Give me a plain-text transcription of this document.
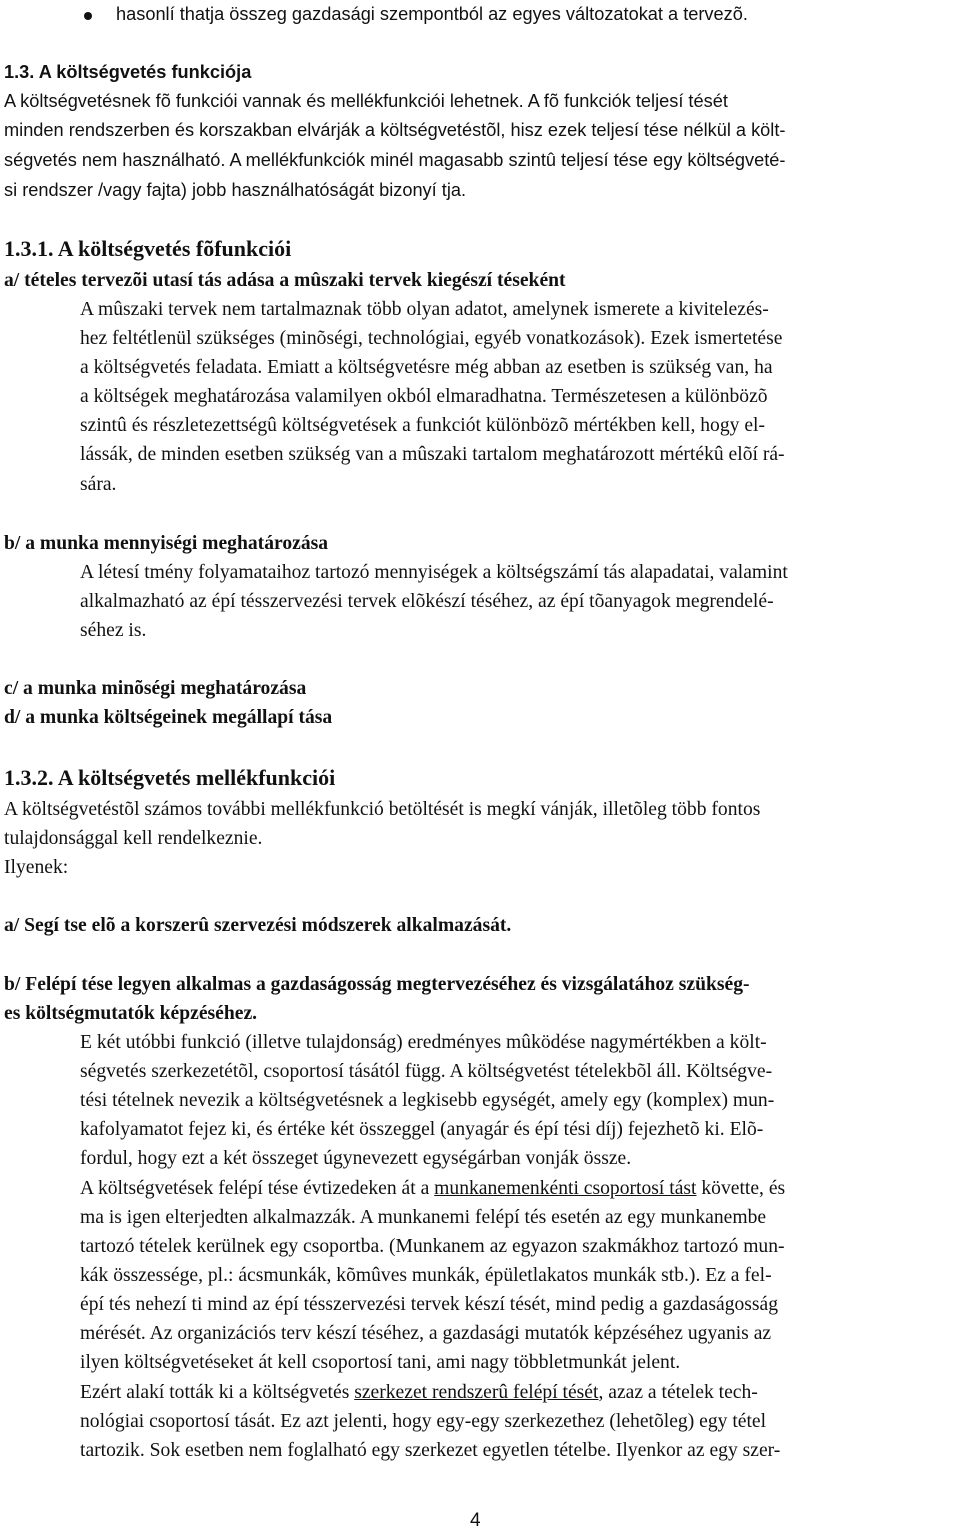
hasonlí thatja összeg gazdasági szempontból az egyes változatokat a tervezõ.

1.3. A költségvetés funkciója

A költségvetésnek fõ funkciói vannak és mellékfunkciói lehetnek. A fõ funkciók teljesí tését

minden rendszerben és korszakban elvárják a költségvetéstõl, hisz ezek teljesí tése nélkül a költ-

ségvetés nem használható. A mellékfunkciók minél magasabb szintû teljesí tése egy költségveté-

si rendszer /vagy fajta) jobb használhatóságát bizonyí tja.

1.3.1. A költségvetés fõfunkciói

a/ tételes tervezõi utasí tás adása a mûszaki tervek kiegészí téseként

A mûszaki tervek nem tartalmaznak több olyan adatot, amelynek ismerete a kivitelezés-

hez feltétlenül szükséges (minõségi, technológiai, egyéb vonatkozások). Ezek ismertetése

a költségvetés feladata. Emiatt a költségvetésre még abban az esetben is szükség van, ha

a költségek meghatározása valamilyen okból elmaradhatna. Természetesen a különbözõ

szintû és részletezettségû költségvetések a funkciót különbözõ mértékben kell, hogy el-

lássák, de minden esetben szükség van a mûszaki tartalom meghatározott mértékû elõí rá-

sára.

b/ a munka mennyiségi meghatározása

A létesí tmény folyamataihoz tartozó mennyiségek a költségszámí tás alapadatai, valamint

alkalmazható az épí tésszervezési tervek elõkészí téséhez, az épí tõanyagok megrendelé-

séhez is.

c/ a munka minõségi meghatározása

d/ a munka költségeinek megállapí tása

1.3.2. A költségvetés mellékfunkciói

A költségvetéstõl számos további mellékfunkció betöltését is megkí vánják, illetõleg több fontos

tulajdonsággal kell rendelkeznie.

Ilyenek:

a/ Segí tse elõ a korszerû szervezési módszerek alkalmazását.

b/ Felépí tése legyen alkalmas a gazdaságosság megtervezéséhez és vizsgálatához szükség-

es költségmutatók képzéséhez.

E két utóbbi funkció (illetve tulajdonság) eredményes mûködése nagymértékben a költ-

ségvetés szerkezetétõl, csoportosí tásától függ. A költségvetést tételekbõl áll. Költségve-

tési tételnek nevezik a költségvetésnek a legkisebb egységét, amely egy (komplex) mun-

kafolyamatot fejez ki, és értéke két összeggel (anyagár és épí tési díj) fejezhetõ ki. Elõ-

fordul, hogy ezt a két összeget úgynevezett egységárban vonják össze.

A költségvetések felépí tése évtizedeken át a munkanemenkénti csoportosí tást követte, és

ma is igen elterjedten alkalmazzák. A munkanemi felépí tés esetén az egy munkanembe

tartozó tételek kerülnek egy csoportba. (Munkanem az egyazon szakmákhoz tartozó mun-

kák összessége, pl.: ácsmunkák, kõmûves munkák, épületlakatos munkák stb.). Ez a fel-

épí tés nehezí ti mind az épí tésszervezési tervek készí tését, mind pedig a gazdaságosság

mérését. Az organizációs terv készí téséhez, a gazdasági mutatók képzéséhez ugyanis az

ilyen költségvetéseket át kell csoportosí tani, ami nagy többletmunkát jelent.

Ezért alakí tották ki a költségvetés szerkezet rendszerû felépí tését, azaz a tételek tech-

nológiai csoportosí tását. Ez azt jelenti, hogy egy-egy szerkezethez (lehetõleg) egy tétel

tartozik. Sok esetben nem foglalható egy szerkezet egyetlen tételbe. Ilyenkor az egy szer-

4
